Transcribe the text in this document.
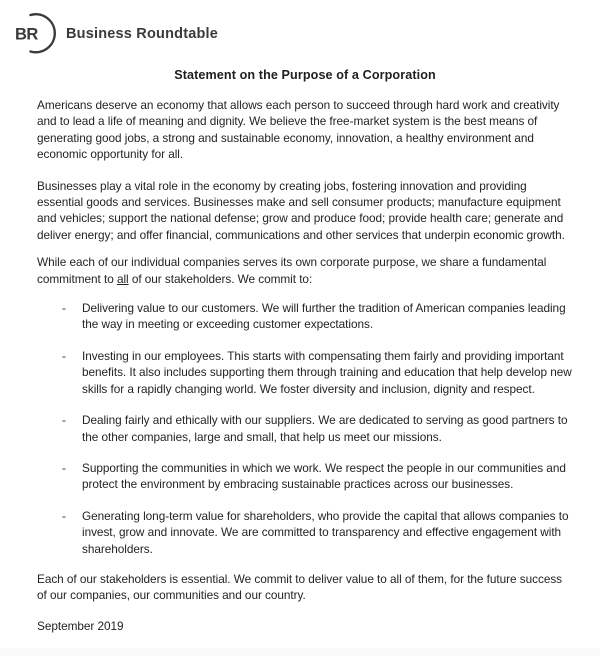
BR Business Roundtable
Statement on the Purpose of a Corporation

Americans deserve an economy that allows each person to succeed through hard work and creativity and to lead a life of meaning and dignity. We believe the free-market system is the best means of generating good jobs, a strong and sustainable economy, innovation, a healthy environment and economic opportunity for all.

Businesses play a vital role in the economy by creating jobs, fostering innovation and providing essential goods and services. Businesses make and sell consumer products; manufacture equipment and vehicles; support the national defense; grow and produce food; provide health care; generate and deliver energy; and offer financial, communications and other services that underpin economic growth.

While each of our individual companies serves its own corporate purpose, we share a fundamental commitment to all of our stakeholders. We commit to:

-	Delivering value to our customers. We will further the tradition of American companies leading the way in meeting or exceeding customer expectations.
-	Investing in our employees. This starts with compensating them fairly and providing important benefits. It also includes supporting them through training and education that help develop new skills for a rapidly changing world. We foster diversity and inclusion, dignity and respect.
-	Dealing fairly and ethically with our suppliers. We are dedicated to serving as good partners to the other companies, large and small, that help us meet our missions.
-	Supporting the communities in which we work. We respect the people in our communities and protect the environment by embracing sustainable practices across our businesses.
-	Generating long-term value for shareholders, who provide the capital that allows companies to invest, grow and innovate. We are committed to transparency and effective engagement with shareholders.

Each of our stakeholders is essential. We commit to deliver value to all of them, for the future success of our companies, our communities and our country.

September 2019
